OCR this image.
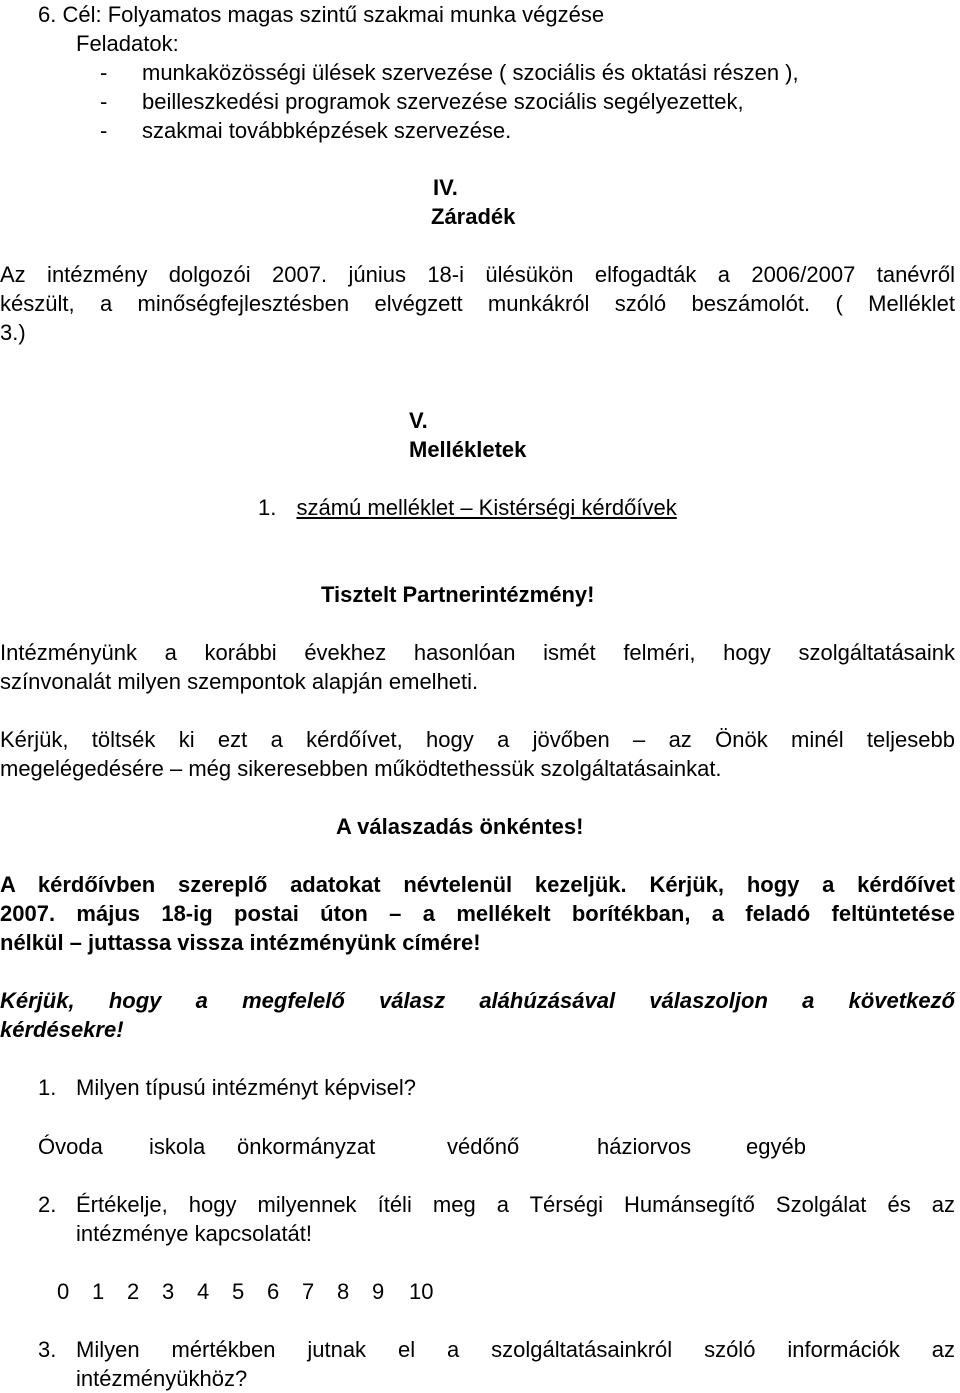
6. Cél: Folyamatos magas szintű szakmai munka végzése
Feladatok:
- munkaközösségi ülések szervezése ( szociális és oktatási részen ),
- beilleszkedési programok szervezése szociális segélyezettek,
- szakmai továbbképzések szervezése.
IV.
Záradék
Az intézmény dolgozói 2007. június 18-i ülésükön elfogadták a 2006/2007 tanévről
készült, a minőségfejlesztésben elvégzett munkákról szóló beszámolót. ( Melléklet
3.)
V.
Mellékletek
1. számú melléklet – Kistérségi kérdőívek
Tisztelt Partnerintézmény!
Intézményünk a korábbi évekhez hasonlóan ismét felméri, hogy szolgáltatásaink
színvonalát milyen szempontok alapján emelheti.
Kérjük, töltsék ki ezt a kérdőívet, hogy a jövőben – az Önök minél teljesebb
megelégedésére – még sikeresebben működtethessük szolgáltatásainkat.
A válaszadás önkéntes!
A kérdőívben szereplő adatokat névtelenül kezeljük. Kérjük, hogy a kérdőívet
2007. május 18-ig postai úton – a mellékelt borítékban, a feladó feltüntetése
nélkül – juttassa vissza intézményünk címére!
Kérjük, hogy a megfelelő válasz aláhúzásával válaszoljon a következő
kérdésekre!
1. Milyen típusú intézményt képvisel?
Óvoda iskola önkormányzat	védőnő	háziorvos egyéb
2. Értékelje, hogy milyennek ítéli meg a Térségi Humánsegítő Szolgálat és az
intézménye kapcsolatát!
0 1 2 3 4 5 6 7 8 9 10
3. Milyen mértékben jutnak el a szolgáltatásainkról szóló információk az
intézményükhöz?
